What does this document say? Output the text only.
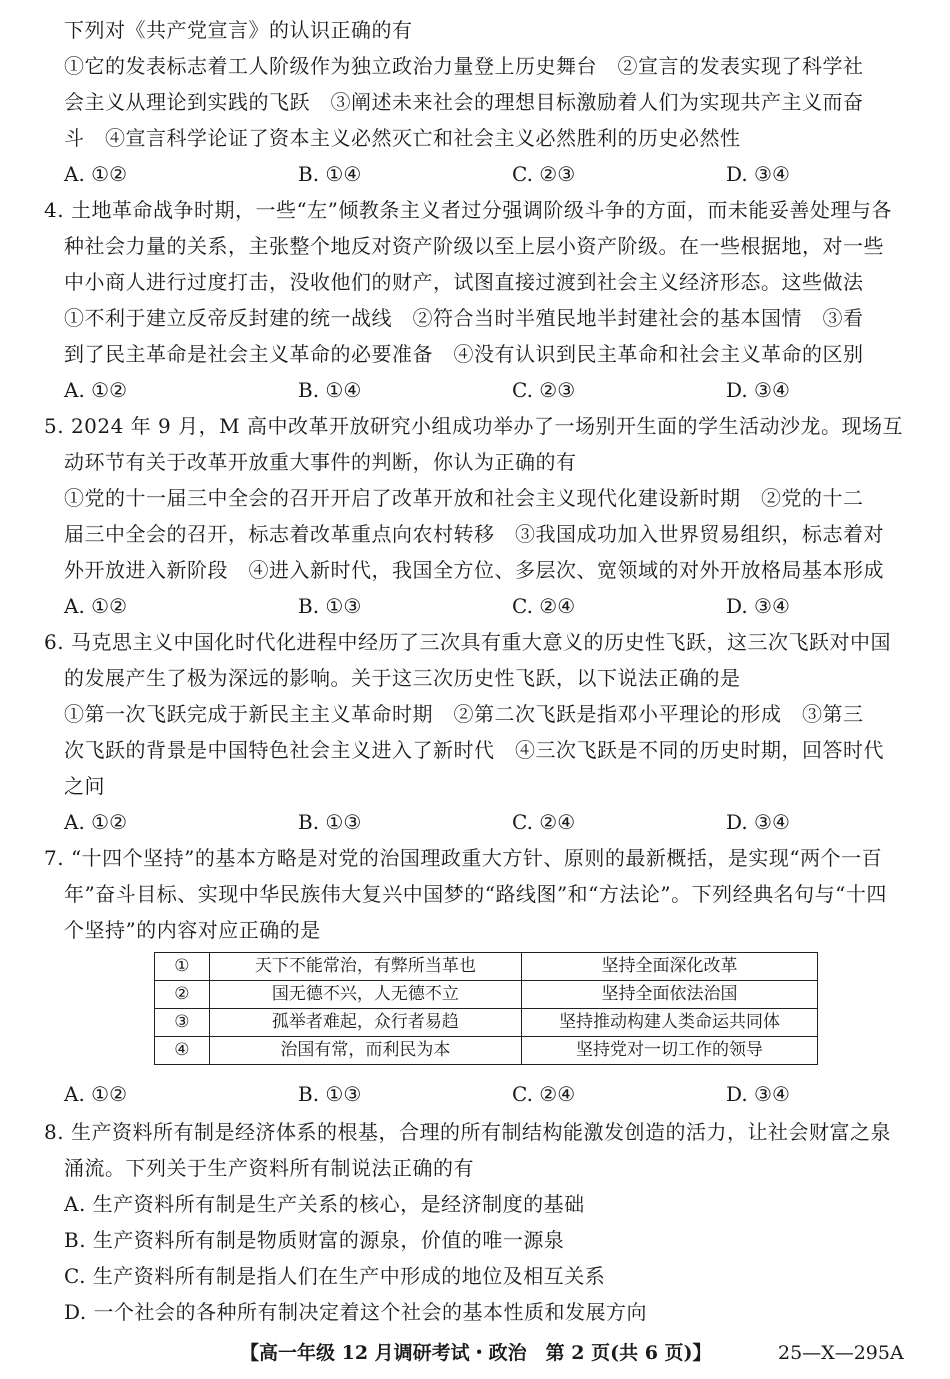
下列对《共产党宣言》的认识正确的有
①它的发表标志着工人阶级作为独立政治力量登上历史舞台　②宣言的发表实现了科学社
会主义从理论到实践的飞跃　③阐述未来社会的理想目标激励着人们为实现共产主义而奋
斗　④宣言科学论证了资本主义必然灭亡和社会主义必然胜利的历史必然性
A. ①②	B. ①④	C. ②③	D. ③④
4. 土地革命战争时期，一些“左”倾教条主义者过分强调阶级斗争的方面，而未能妥善处理与各
种社会力量的关系，主张整个地反对资产阶级以至上层小资产阶级。在一些根据地，对一些
中小商人进行过度打击，没收他们的财产，试图直接过渡到社会主义经济形态。这些做法
①不利于建立反帝反封建的统一战线　②符合当时半殖民地半封建社会的基本国情　③看
到了民主革命是社会主义革命的必要准备　④没有认识到民主革命和社会主义革命的区别
A. ①②	B. ①④	C. ②③	D. ③④
5. 2024 年 9 月，M 高中改革开放研究小组成功举办了一场别开生面的学生活动沙龙。现场互
动环节有关于改革开放重大事件的判断，你认为正确的有
①党的十一届三中全会的召开开启了改革开放和社会主义现代化建设新时期　②党的十二
届三中全会的召开，标志着改革重点向农村转移　③我国成功加入世界贸易组织，标志着对
外开放进入新阶段　④进入新时代，我国全方位、多层次、宽领域的对外开放格局基本形成
A. ①②	B. ①③	C. ②④	D. ③④
6. 马克思主义中国化时代化进程中经历了三次具有重大意义的历史性飞跃，这三次飞跃对中国
的发展产生了极为深远的影响。关于这三次历史性飞跃，以下说法正确的是
①第一次飞跃完成于新民主主义革命时期　②第二次飞跃是指邓小平理论的形成　③第三
次飞跃的背景是中国特色社会主义进入了新时代　④三次飞跃是不同的历史时期，回答时代
之问
A. ①②	B. ①③	C. ②④	D. ③④
7. “十四个坚持”的基本方略是对党的治国理政重大方针、原则的最新概括，是实现“两个一百
年”奋斗目标、实现中华民族伟大复兴中国梦的“路线图”和“方法论”。下列经典名句与“十四
个坚持”的内容对应正确的是
①	天下不能常治，有弊所当革也	坚持全面深化改革
②	国无德不兴，人无德不立	坚持全面依法治国
③	孤举者难起，众行者易趋	坚持推动构建人类命运共同体
④	治国有常，而利民为本	坚持党对一切工作的领导
A. ①②	B. ①③	C. ②④	D. ③④
8. 生产资料所有制是经济体系的根基，合理的所有制结构能激发创造的活力，让社会财富之泉
涌流。下列关于生产资料所有制说法正确的有
A. 生产资料所有制是生产关系的核心，是经济制度的基础
B. 生产资料所有制是物质财富的源泉，价值的唯一源泉
C. 生产资料所有制是指人们在生产中形成的地位及相互关系
D. 一个社会的各种所有制决定着这个社会的基本性质和发展方向
【高一年级 12 月调研考试・政治　第 2 页(共 6 页)】	25—X—295A
